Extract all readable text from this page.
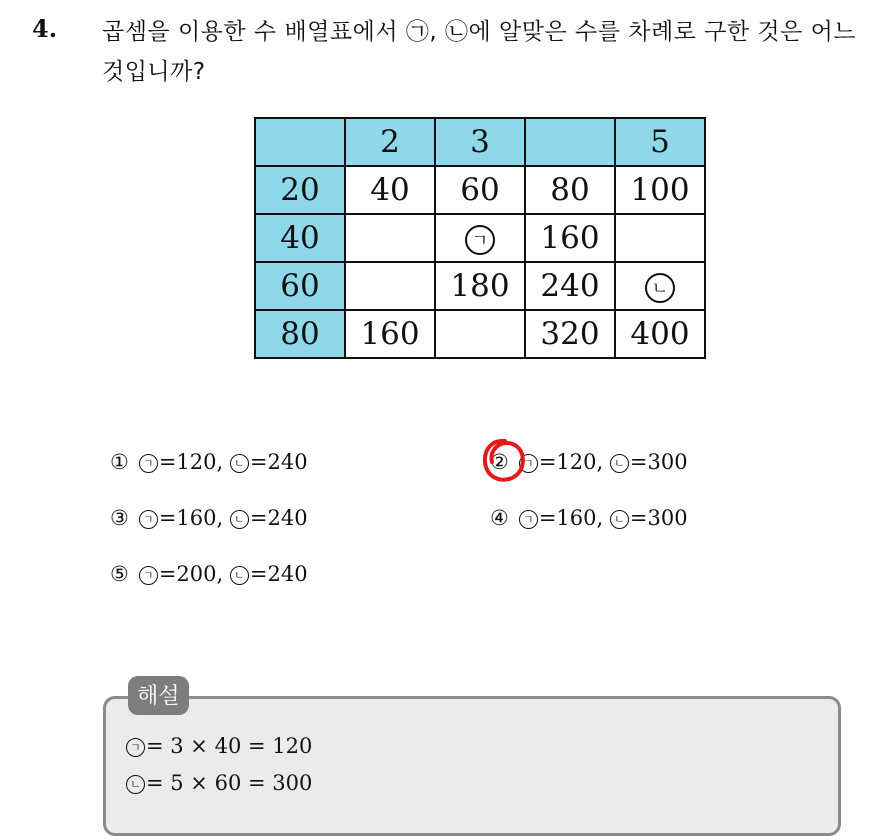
4. 곱셈을 이용한 수 배열표에서 ㉠, ㉡에 알맞은 수를 차례로 구한 것은 어느 것입니까?
	2	3		5
20	40	60	80	100
40		ㄱ	160	
60		180	240	ㄴ
80	160		320	400
① ㄱ =120, ㄴ =240	② ㄱ =120, ㄴ =300
③ ㄱ =160, ㄴ =240	④ ㄱ =160, ㄴ =300
⑤ ㄱ =200, ㄴ =240
해설
ㄱ = 3 × 40 = 120
ㄴ = 5 × 60 = 300
